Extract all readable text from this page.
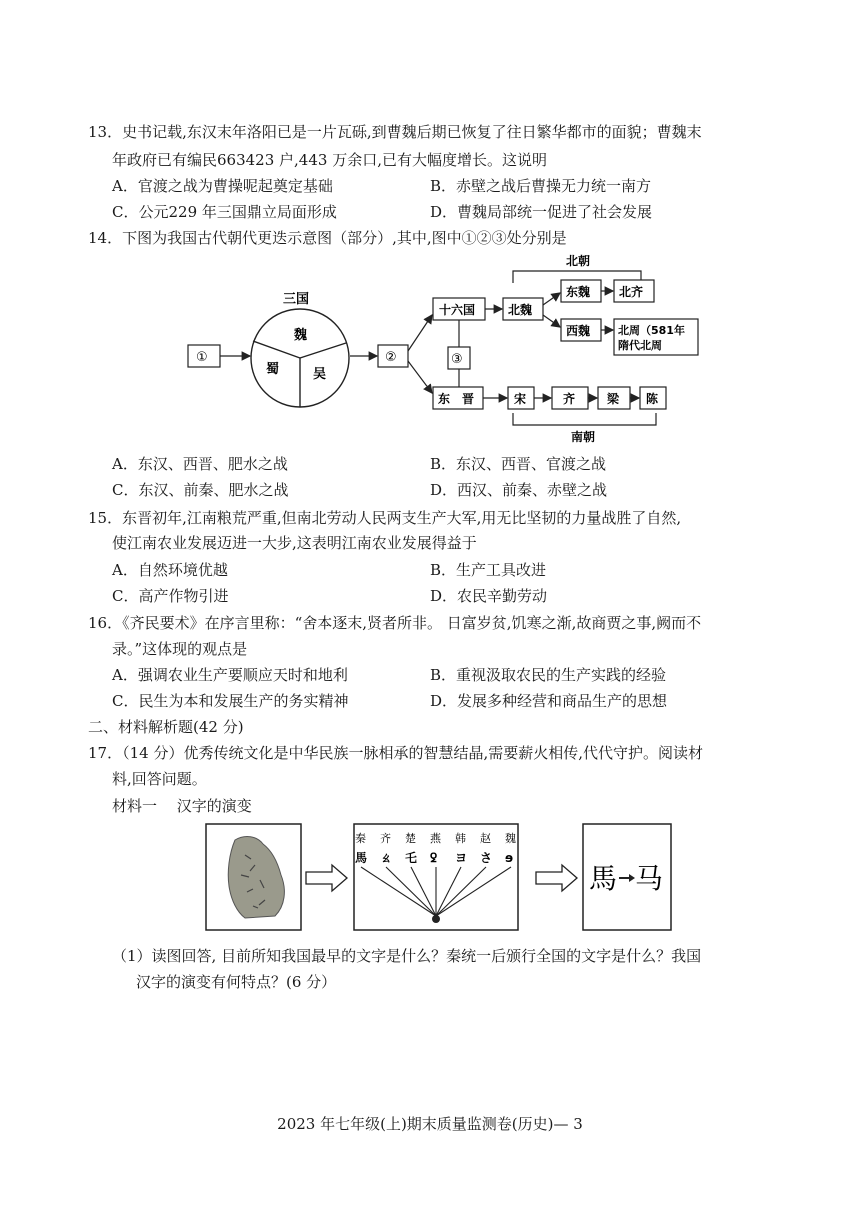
13．史书记载,东汉末年洛阳已是一片瓦砾,到曹魏后期已恢复了往日繁华都市的面貌；曹魏末
年政府已有编民663423 户,443 万余口,已有大幅度增长。这说明
A．官渡之战为曹操呢起奠定基础	B．赤壁之战后曹操无力统一南方
C．公元229 年三国鼎立局面形成	D．曹魏局部统一促进了社会发展
14．下图为我国古代朝代更迭示意图（部分）,其中,图中①②③处分别是
北朝
三国
魏
蜀	吴
①	②
十六国
③
北魏
东魏 北齐
西魏	北周（581年
隋代北周
东　晋	宋	齐	梁 陈
南朝
A．东汉、西晋、肥水之战	B．东汉、西晋、官渡之战
C．东汉、前秦、肥水之战	D．西汉、前秦、赤壁之战
15．东晋初年,江南粮荒严重,但南北劳动人民两支生产大军,用无比坚韧的力量战胜了自然,
使江南农业发展迈进一大步,这表明江南农业发展得益于
A．自然环境优越	B．生产工具改进
C．高产作物引进	D．农民辛勤劳动
16．《齐民要术》在序言里称：“舍本逐末,贤者所非。 日富岁贫,饥寒之渐,故商贾之事,阙而不
录。”这体现的观点是
A．强调农业生产要顺应天时和地利	B．重视汲取农民的生产实践的经验
C．民生为本和发展生产的务实精神	D．发展多种经营和商品生产的思想
二、材料解析题(42 分)
17．（14 分）优秀传统文化是中华民族一脉相承的智慧结晶,需要薪火相传,代代守护。阅读材
料,回答问题。
材料一　 汉字的演变
秦
馬
齐
ㄠ
楚
乇
燕
ꝿ
韩
ヨ
赵
さ
魏
ɘ
馬 马
（1）读图回答, 目前所知我国最早的文字是什么？秦统一后颁行全国的文字是什么？我国
汉字的演变有何特点？(6 分）
2023 年七年级(上)期末质量监测卷(历史)— 3
